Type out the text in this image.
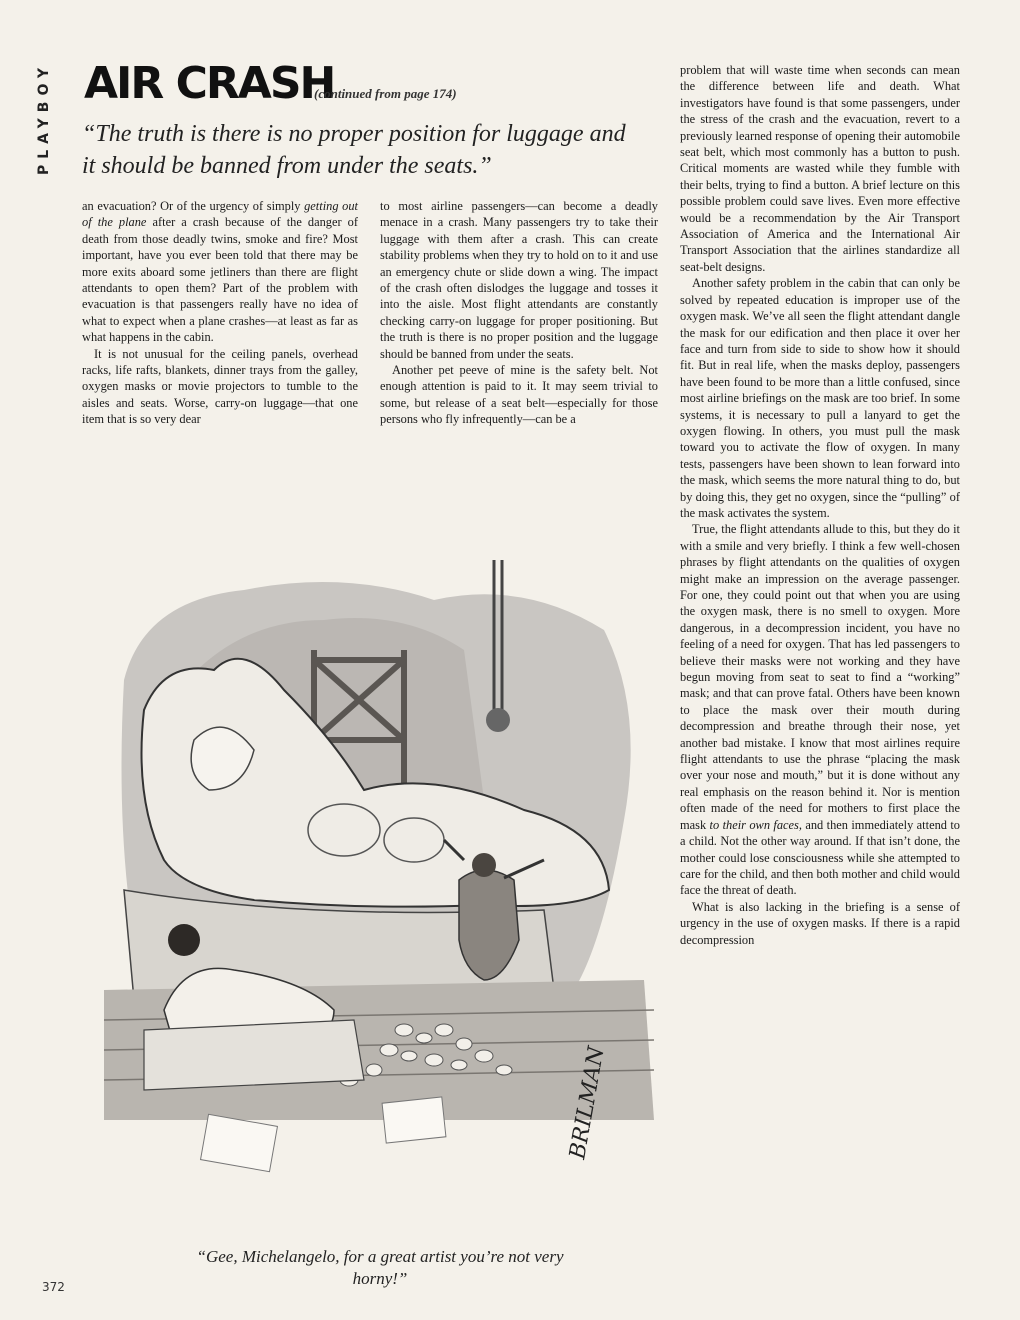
PLAYBOY AIR CRASH
(continued from page 174)
“The truth is there is no proper position for luggage and it should be banned from under the seats.”

an evacuation? Or of the urgency of simply getting out of the plane after a crash because of the danger of death from those deadly twins, smoke and fire? Most important, have you ever been told that there may be more exits aboard some jetliners than there are flight attendants to open them? Part of the problem with evacuation is that passengers really have no idea of what to expect when a plane crashes—at least as far as what happens in the cabin.

It is not unusual for the ceiling panels, overhead racks, life rafts, blankets, dinner trays from the galley, oxygen masks or movie projectors to tumble to the aisles and seats. Worse, carry-on luggage—that one item that is so very dear

to most airline passengers—can become a deadly menace in a crash. Many passengers try to take their luggage with them after a crash. This can create stability problems when they try to hold on to it and use an emergency chute or slide down a wing. The impact of the crash often dislodges the luggage and tosses it into the aisle. Most flight attendants are constantly checking carry-on luggage for proper positioning. But the truth is there is no proper position and the luggage should be banned from under the seats.

Another pet peeve of mine is the safety belt. Not enough attention is paid to it. It may seem trivial to some, but release of a seat belt—especially for those persons who fly infrequently—can be a

problem that will waste time when seconds can mean the difference between life and death. What investigators have found is that some passengers, under the stress of the crash and the evacuation, revert to a previously learned response of opening their automobile seat belt, which most commonly has a button to push. Critical moments are wasted while they fumble with their belts, trying to find a button. A brief lecture on this possible problem could save lives. Even more effective would be a recommendation by the Air Transport Association of America and the International Air Transport Association that the airlines standardize all seat-belt designs.

Another safety problem in the cabin that can only be solved by repeated education is improper use of the oxygen mask. We’ve all seen the flight attendant dangle the mask for our edification and then place it over her face and turn from side to side to show how it should fit. But in real life, when the masks deploy, passengers have been found to be more than a little confused, since most airline briefings on the mask are too brief. In some systems, it is necessary to pull a lanyard to get the oxygen flowing. In others, you must pull the mask toward you to activate the flow of oxygen. In many tests, passengers have been shown to lean forward into the mask, which seems the more natural thing to do, but by doing this, they get no oxygen, since the “pulling” of the mask activates the system.

True, the flight attendants allude to this, but they do it with a smile and very briefly. I think a few well-chosen phrases by flight attendants on the qualities of oxygen might make an impression on the average passenger. For one, they could point out that when you are using the oxygen mask, there is no smell to oxygen. More dangerous, in a decompression incident, you have no feeling of a need for oxygen. That has led passengers to believe their masks were not working and they have begun moving from seat to seat to find a “working” mask; and that can prove fatal. Others have been known to place the mask over their mouth during decompression and breathe through their nose, yet another bad mistake. I know that most airlines require flight attendants to use the phrase “placing the mask over your nose and mouth,” but it is done without any real emphasis on the reason behind it. Nor is mention often made of the need for mothers to first place the mask to their own faces, and then immediately attend to a child. Not the other way around. If that isn’t done, the mother could lose consciousness while she attempted to care for the child, and then both mother and child would face the threat of death.

What is also lacking in the briefing is a sense of urgency in the use of oxygen masks. If there is a rapid decompression

BRILMAN
“Gee, Michelangelo, for a great artist you’re not very horny!”
372
